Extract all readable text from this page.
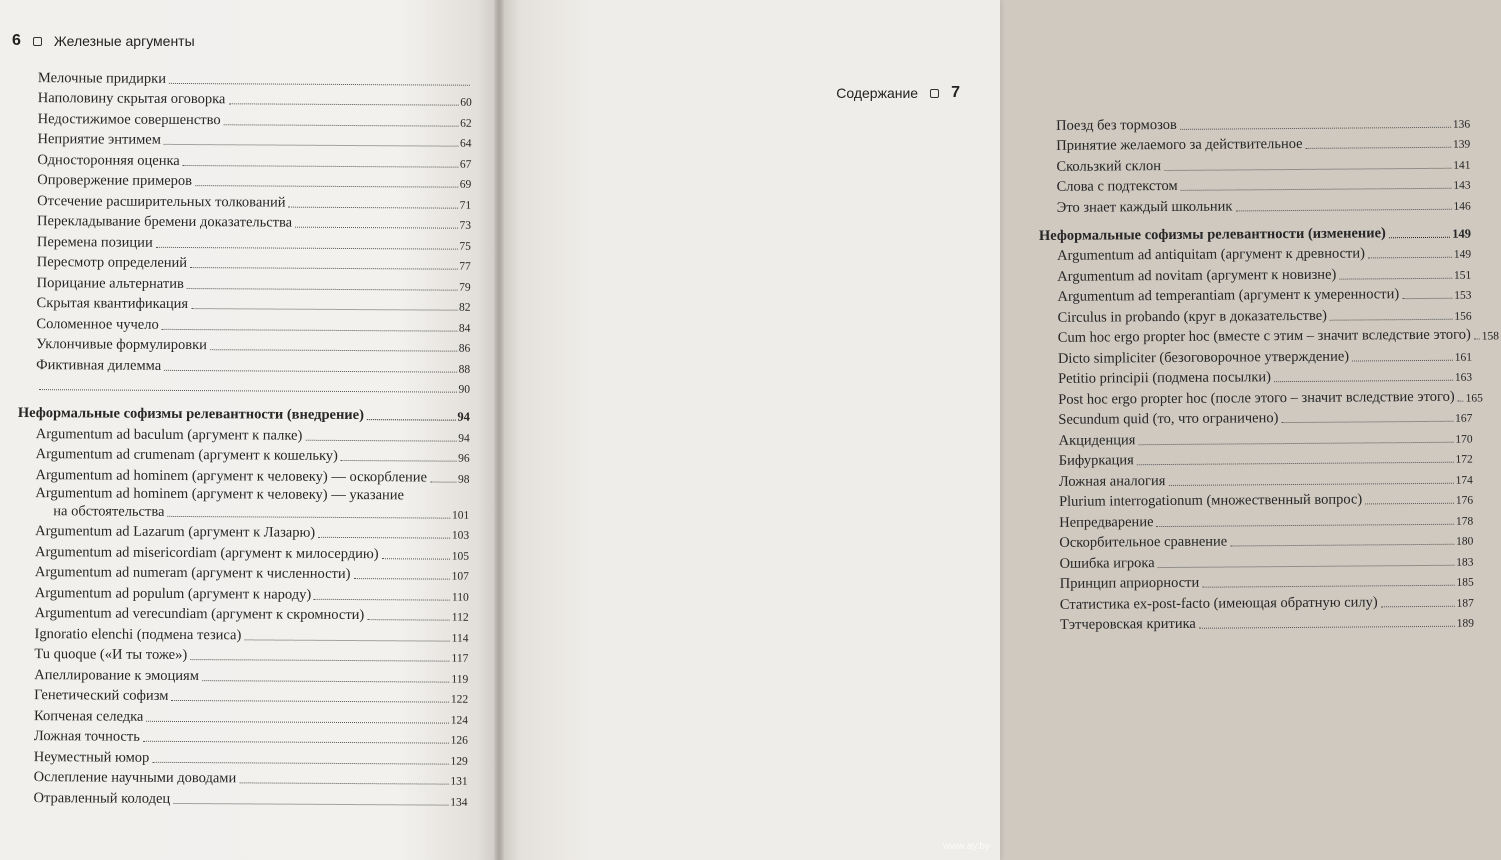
6 Железные аргументы
Мелочные придирки
Наполовину скрытая оговорка	60
Недостижимое совершенство	62
Неприятие энтимем	64
Односторонняя оценка	67
Опровержение примеров	69
Отсечение расширительных толкований	71
Перекладывание бремени доказательства	73
Перемена позиции	75
Пересмотр определений	77
Порицание альтернатив	79
Скрытая квантификация	82
Соломенное чучело	84
Уклончивые формулировки	86
Фиктивная дилемма	88
90
Неформальные софизмы релевантности (внедрение)	94
Argumentum ad baculum (аргумент к палке)	94
Argumentum ad crumenam (аргумент к кошельку)	96
Argumentum ad hominem (аргумент к человеку) — оскорбление	98
Argumentum ad hominem (аргумент к человеку) — указание
на обстоятельства	101
Argumentum ad Lazarum (аргумент к Лазарю)	103
Argumentum ad misericordiam (аргумент к милосердию)	105
Argumentum ad numeram (аргумент к численности)	107
Argumentum ad populum (аргумент к народу)	110
Argumentum ad verecundiam (аргумент к скромности)	112
Ignoratio elenchi (подмена тезиса)	114
Tu quoque («И ты тоже»)	117
Апеллирование к эмоциям	119
Генетический софизм	122
Копченая селедка	124
Ложная точность	126
Неуместный юмор	129
Ослепление научными доводами	131
Отравленный колодец	134
Содержание 7
Поезд без тормозов	136
Принятие желаемого за действительное	139
Скользкий склон	141
Слова с подтекстом	143
Это знает каждый школьник	146
Неформальные софизмы релевантности (изменение)	149
Argumentum ad antiquitam (аргумент к древности)	149
Argumentum ad novitam (аргумент к новизне)	151
Argumentum ad temperantiam (аргумент к умеренности)	153
Circulus in probando (круг в доказательстве)	156
Cum hoc ergo propter hoc (вместе с этим – значит вследствие этого) 158
Dicto simpliciter (безоговорочное утверждение)	161
Petitio principii (подмена посылки)	163
Post hoc ergo propter hoc (после этого – значит вследствие этого) 165
Secundum quid (то, что ограничено)	167
Акциденция	170
Бифуркация	172
Ложная аналогия	174
Plurium interrogationum (множественный вопрос)	176
Непредварение	178
Оскорбительное сравнение	180
Ошибка игрока	183
Принцип априорности	185
Статистика ex-post-facto (имеющая обратную силу)	187
Тэтчеровская критика	189
www.ay.by
